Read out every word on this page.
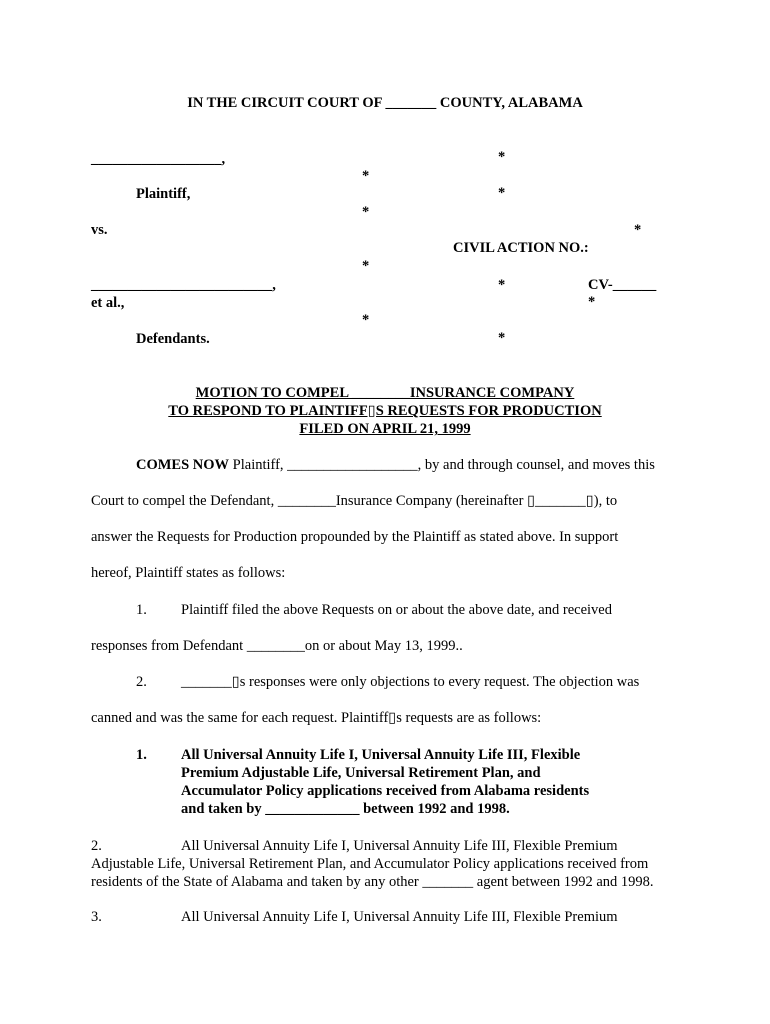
IN THE CIRCUIT COURT OF _______ COUNTY, ALABAMA
__________________,	*
*
Plaintiff,	*
*
vs.	*
CIVIL ACTION NO.:
*
_________________________,	*	CV-______
et al.,	*
*
Defendants.	*
MOTION TO COMPEL ________INSURANCE COMPANY
TO RESPOND TO PLAINTIFF▯S REQUESTS FOR PRODUCTION
FILED ON APRIL 21, 1999
COMES NOW Plaintiff, __________________, by and through counsel, and moves this
Court to compel the Defendant, ________Insurance Company (hereinafter ▯_______▯), to
answer the Requests for Production propounded by the Plaintiff as stated above. In support
hereof, Plaintiff states as follows:
1. Plaintiff filed the above Requests on or about the above date, and received
responses from Defendant ________on or about May 13, 1999..
2. _______▯s responses were only objections to every request. The objection was
canned and was the same for each request. Plaintiff▯s requests are as follows:
1. All Universal Annuity Life I, Universal Annuity Life III, Flexible
Premium Adjustable Life, Universal Retirement Plan, and
Accumulator Policy applications received from Alabama residents
and taken by _____________ between 1992 and 1998.
2.	All Universal Annuity Life I, Universal Annuity Life III, Flexible Premium
Adjustable Life, Universal Retirement Plan, and Accumulator Policy applications received from
residents of the State of Alabama and taken by any other _______ agent between 1992 and 1998.
3.	All Universal Annuity Life I, Universal Annuity Life III, Flexible Premium
